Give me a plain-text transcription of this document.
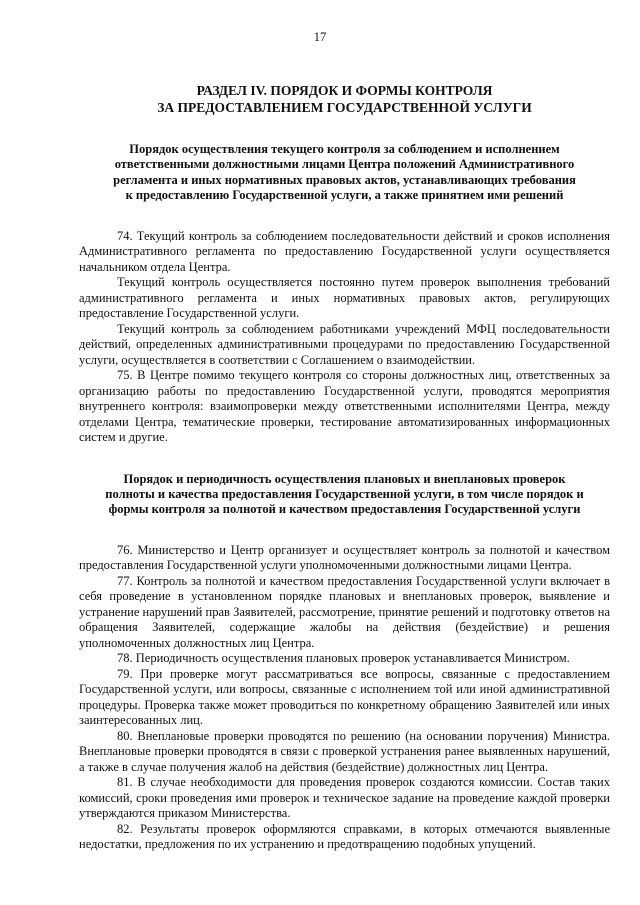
17
РАЗДЕЛ IV. ПОРЯДОК И ФОРМЫ КОНТРОЛЯ
ЗА ПРЕДОСТАВЛЕНИЕМ ГОСУДАРСТВЕННОЙ УСЛУГИ
Порядок осуществления текущего контроля за соблюдением и исполнением
ответственными должностными лицами Центра положений Административного
регламента и иных нормативных правовых актов, устанавливающих требования
к предоставлению Государственной услуги, а также принятием ими решений

74. Текущий контроль за соблюдением последовательности действий и сроков исполнения Административного регламента по предоставлению Государственной услуги осуществляется начальником отдела Центра.

Текущий контроль осуществляется постоянно путем проверок выполнения требований административного регламента и иных нормативных правовых актов, регулирующих предоставление Государственной услуги.

Текущий контроль за соблюдением работниками учреждений МФЦ последовательности действий, определенных административными процедурами по предоставлению Государственной услуги, осуществляется в соответствии с Соглашением о взаимодействии.

75. В Центре помимо текущего контроля со стороны должностных лиц, ответственных за организацию работы по предоставлению Государственной услуги, проводятся мероприятия внутреннего контроля: взаимопроверки между ответственными исполнителями Центра, между отделами Центра, тематические проверки, тестирование автоматизированных информационных систем и другие.

Порядок и периодичность осуществления плановых и внеплановых проверок
полноты и качества предоставления Государственной услуги, в том числе порядок и
формы контроля за полнотой и качеством предоставления Государственной услуги

76. Министерство и Центр организует и осуществляет контроль за полнотой и качеством предоставления Государственной услуги уполномоченными должностными лицами Центра.

77. Контроль за полнотой и качеством предоставления Государственной услуги включает в себя проведение в установленном порядке плановых и внеплановых проверок, выявление и устранение нарушений прав Заявителей, рассмотрение, принятие решений и подготовку ответов на обращения Заявителей, содержащие жалобы на действия (бездействие) и решения уполномоченных должностных лиц Центра.

78. Периодичность осуществления плановых проверок устанавливается Министром.

79. При проверке могут рассматриваться все вопросы, связанные с предоставлением Государственной услуги, или вопросы, связанные с исполнением той или иной административной процедуры. Проверка также может проводиться по конкретному обращению Заявителей или иных заинтересованных лиц.

80. Внеплановые проверки проводятся по решению (на основании поручения) Министра. Внеплановые проверки проводятся в связи с проверкой устранения ранее выявленных нарушений, а также в случае получения жалоб на действия (бездействие) должностных лиц Центра.

81. В случае необходимости для проведения проверок создаются комиссии. Состав таких комиссий, сроки проведения ими проверок и техническое задание на проведение каждой проверки утверждаются приказом Министерства.

82. Результаты проверок оформляются справками, в которых отмечаются выявленные недостатки, предложения по их устранению и предотвращению подобных упущений.
